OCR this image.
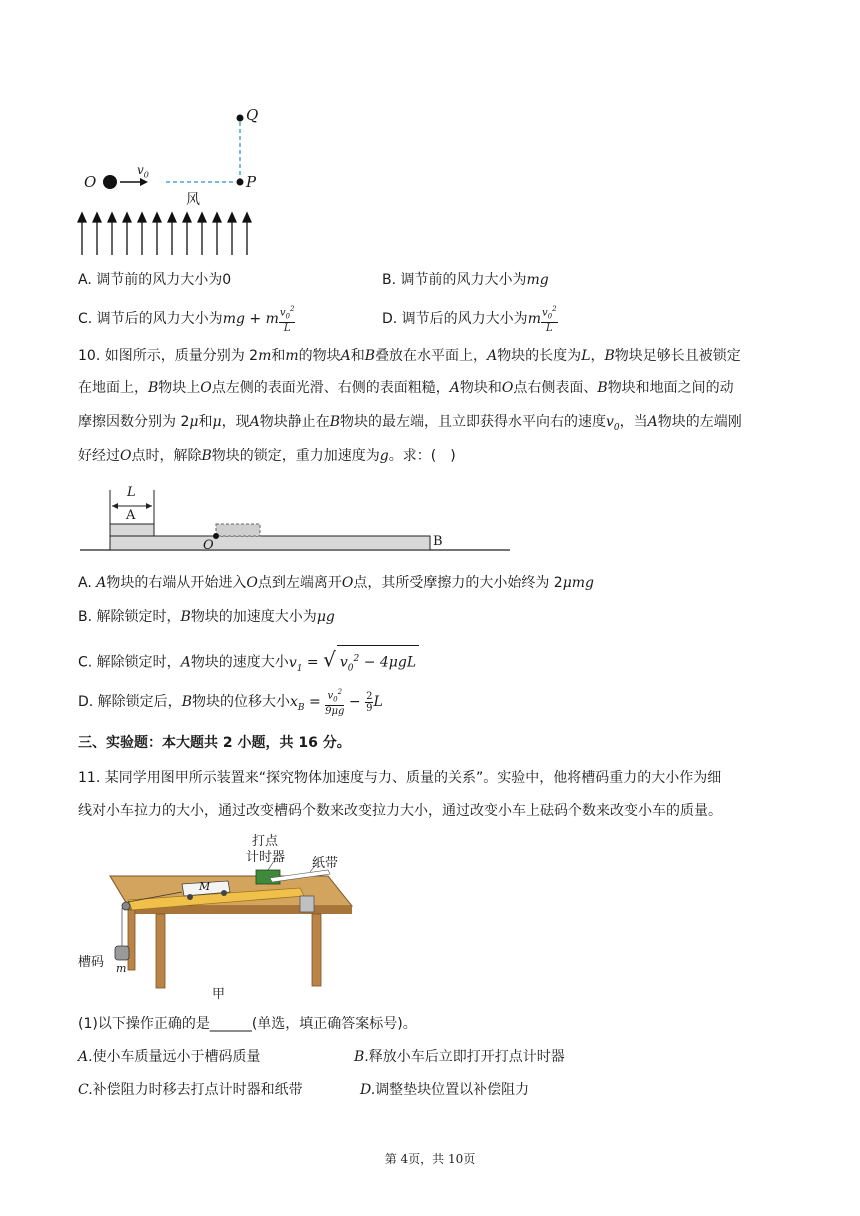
O
$v_0$	P
Q
风
A. 调节前的风力大小为0	B. 调节前的风力大小为mg
C. 调节后的风力大小为mg + m $\frac{v_0^2}{L}$	D. 调节后的风力大小为m $\frac{v_0^2}{L}$
10. 如图所示，质量分别为 2m和m的物块A和B叠放在水平面上，A物块的长度为L，B物块足够长且被锁定
在地面上，B物块上O点左侧的表面光滑、右侧的表面粗糙，A物块和O点右侧表面、B物块和地面之间的动
摩擦因数分别为 2μ和μ，现A物块静止在B物块的最左端，且立即获得水平向右的速度$v_0$，当A物块的左端刚
好经过O点时，解除B物块的锁定，重力加速度为g。求：(　)
L
A
O	B
A. A物块的右端从开始进入O点到左端离开O点，其所受摩擦力的大小始终为 2μmg
B. 解除锁定时，B物块的加速度大小为μg
C. 解除锁定时，A物块的速度大小$v_1$ = √ $v_0^2 - 4\mu gL$
D. 解除锁定后，B物块的位移大小$x_B = \frac{v_0^2}{9\mu g} - \frac{2}{9}$ L
三、实验题：本大题共 2 小题，共 16 分。
11. 某同学用图甲所示装置来“探究物体加速度与力、质量的关系”。实验中，他将槽码重力的大小作为细
线对小车拉力的大小，通过改变槽码个数来改变拉力大小，通过改变小车上砝码个数来改变小车的质量。
打点
计时器 纸带
M
槽码 m
甲
(1)以下操作正确的是______(单选，填正确答案标号)。
A.使小车质量远小于槽码质量	B.释放小车后立即打开打点计时器
C.补偿阻力时移去打点计时器和纸带	D.调整垫块位置以补偿阻力
第 4页，共 10页
